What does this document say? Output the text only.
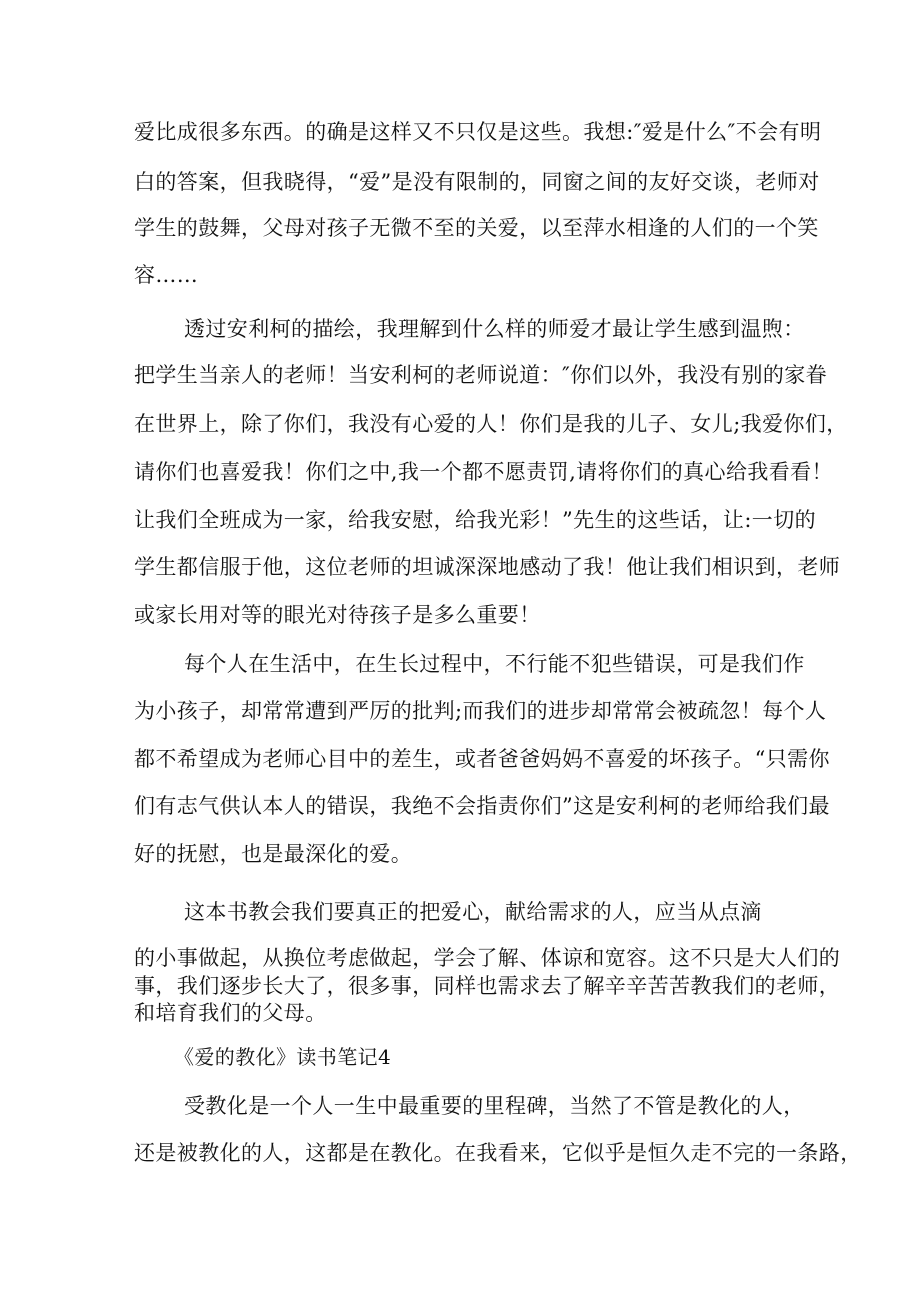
爱比成很多东西。的确是这样又不只仅是这些。我想:″爱是什么″不会有明
白的答案，但我晓得，“爱”是没有限制的，同窗之间的友好交谈，老师对
学生的鼓舞，父母对孩子无微不至的关爱，以至萍水相逢的人们的一个笑
容……
透过安利柯的描绘，我理解到什么样的师爱才最让学生感到温煦：
把学生当亲人的老师！当安利柯的老师说道：″你们以外，我没有别的家眷
在世界上，除了你们，我没有心爱的人！你们是我的儿子、女儿;我爱你们，
请你们也喜爱我！你们之中,我一个都不愿责罚,请将你们的真心给我看看！
让我们全班成为一家，给我安慰，给我光彩！”先生的这些话，让:一切的
学生都信服于他，这位老师的坦诚深深地感动了我！他让我们相识到，老师
或家长用对等的眼光对待孩子是多么重要！
每个人在生活中，在生长过程中，不行能不犯些错误，可是我们作
为小孩子，却常常遭到严厉的批判;而我们的进步却常常会被疏忽！每个人
都不希望成为老师心目中的差生，或者爸爸妈妈不喜爱的坏孩子。“只需你
们有志气供认本人的错误，我绝不会指责你们”这是安利柯的老师给我们最
好的抚慰，也是最深化的爱。
这本书教会我们要真正的把爱心，献给需求的人，应当从点滴
的小事做起，从换位考虑做起，学会了解、体谅和宽容。这不只是大人们的
事，我们逐步长大了，很多事，同样也需求去了解辛辛苦苦教我们的老师，
和培育我们的父母。
《爱的教化》读书笔记4
受教化是一个人一生中最重要的里程碑，当然了不管是教化的人，
还是被教化的人，这都是在教化。在我看来，它似乎是恒久走不完的一条路，
